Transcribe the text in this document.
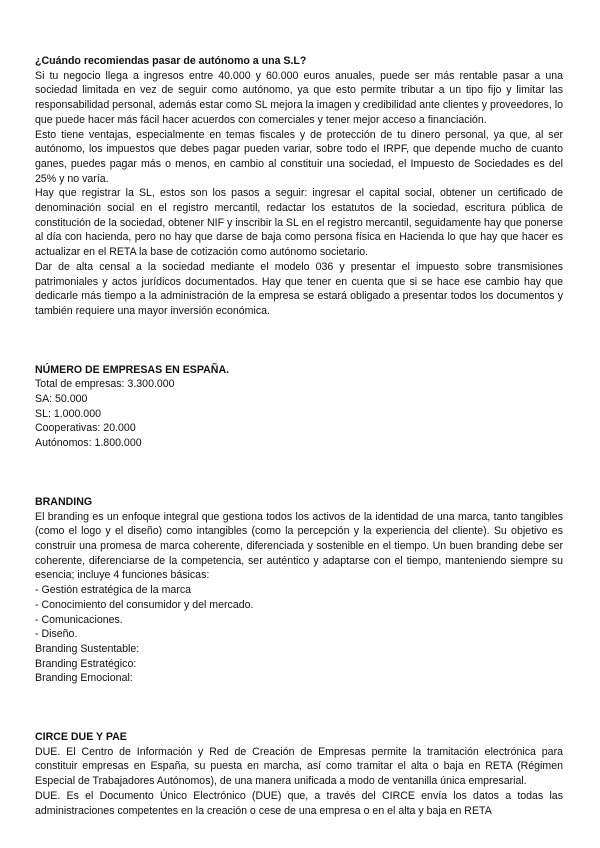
¿Cuándo recomiendas pasar de autónomo a una S.L?

Si tu negocio llega a ingresos entre 40.000 y 60.000 euros anuales, puede ser más rentable pasar a una sociedad limitada en vez de seguir como autónomo, ya que esto permite tributar a un tipo fijo y limitar las responsabilidad personal, además estar como SL mejora la imagen y credibilidad ante clientes y proveedores, lo que puede hacer más fácil hacer acuerdos con comerciales y tener mejor acceso a financiación.

Esto tiene ventajas, especialmente en temas fiscales y de protección de tu dinero personal, ya que, al ser autónomo, los impuestos que debes pagar pueden variar, sobre todo el IRPF, que depende mucho de cuanto ganes, puedes pagar más o menos, en cambio al constituir una sociedad, el Impuesto de Sociedades es del 25% y no varía.

Hay que registrar la SL, estos son los pasos a seguir: ingresar el capital social, obtener un certificado de denominación social en el registro mercantil, redactar los estatutos de la sociedad, escritura pública de constitución de la sociedad, obtener NIF y inscribir la SL en el registro mercantil, seguidamente hay que ponerse al día con hacienda, pero no hay que darse de baja como persona física en Hacienda lo que hay que hacer es actualizar en el RETA la base de cotización como autónomo societario.

Dar de alta censal a la sociedad mediante el modelo 036 y presentar el impuesto sobre transmisiones patrimoniales y actos jurídicos documentados. Hay que tener en cuenta que si se hace ese cambio hay que dedicarle más tiempo a la administración de la empresa se estará obligado a presentar todos los documentos y también requiere una mayor inversión económica.

NÚMERO DE EMPRESAS EN ESPAÑA.

Total de empresas: 3.300.000

SA: 50.000

SL: 1.000.000

Cooperativas: 20.000

Autónomos: 1.800.000

BRANDING

El branding es un enfoque integral que gestiona todos los activos de la identidad de una marca, tanto tangibles (como el logo y el diseño) como intangibles (como la percepción y la experiencia del cliente). Su objetivo es construir una promesa de marca coherente, diferenciada y sostenible en el tiempo. Un buen branding debe ser coherente, diferenciarse de la competencia, ser auténtico y adaptarse con el tiempo, manteniendo siempre su esencia; incluye 4 funciones básicas:

- Gestión estratégica de la marca

- Conocimiento del consumidor y del mercado.

- Comunicaciones.

- Diseño.

Branding Sustentable:

Branding Estratégico:

Branding Emocional:

CIRCE DUE Y PAE

DUE. El Centro de Información y Red de Creación de Empresas permite la tramitación electrónica para constituir empresas en España, su puesta en marcha, así como tramitar el alta o baja en RETA (Régimen Especial de Trabajadores Autónomos), de una manera unificada a modo de ventanilla única empresarial.

DUE. Es el Documento Único Electrónico (DUE) que, a través del CIRCE envía los datos a todas las administraciones competentes en la creación o cese de una empresa o en el alta y baja en RETA
